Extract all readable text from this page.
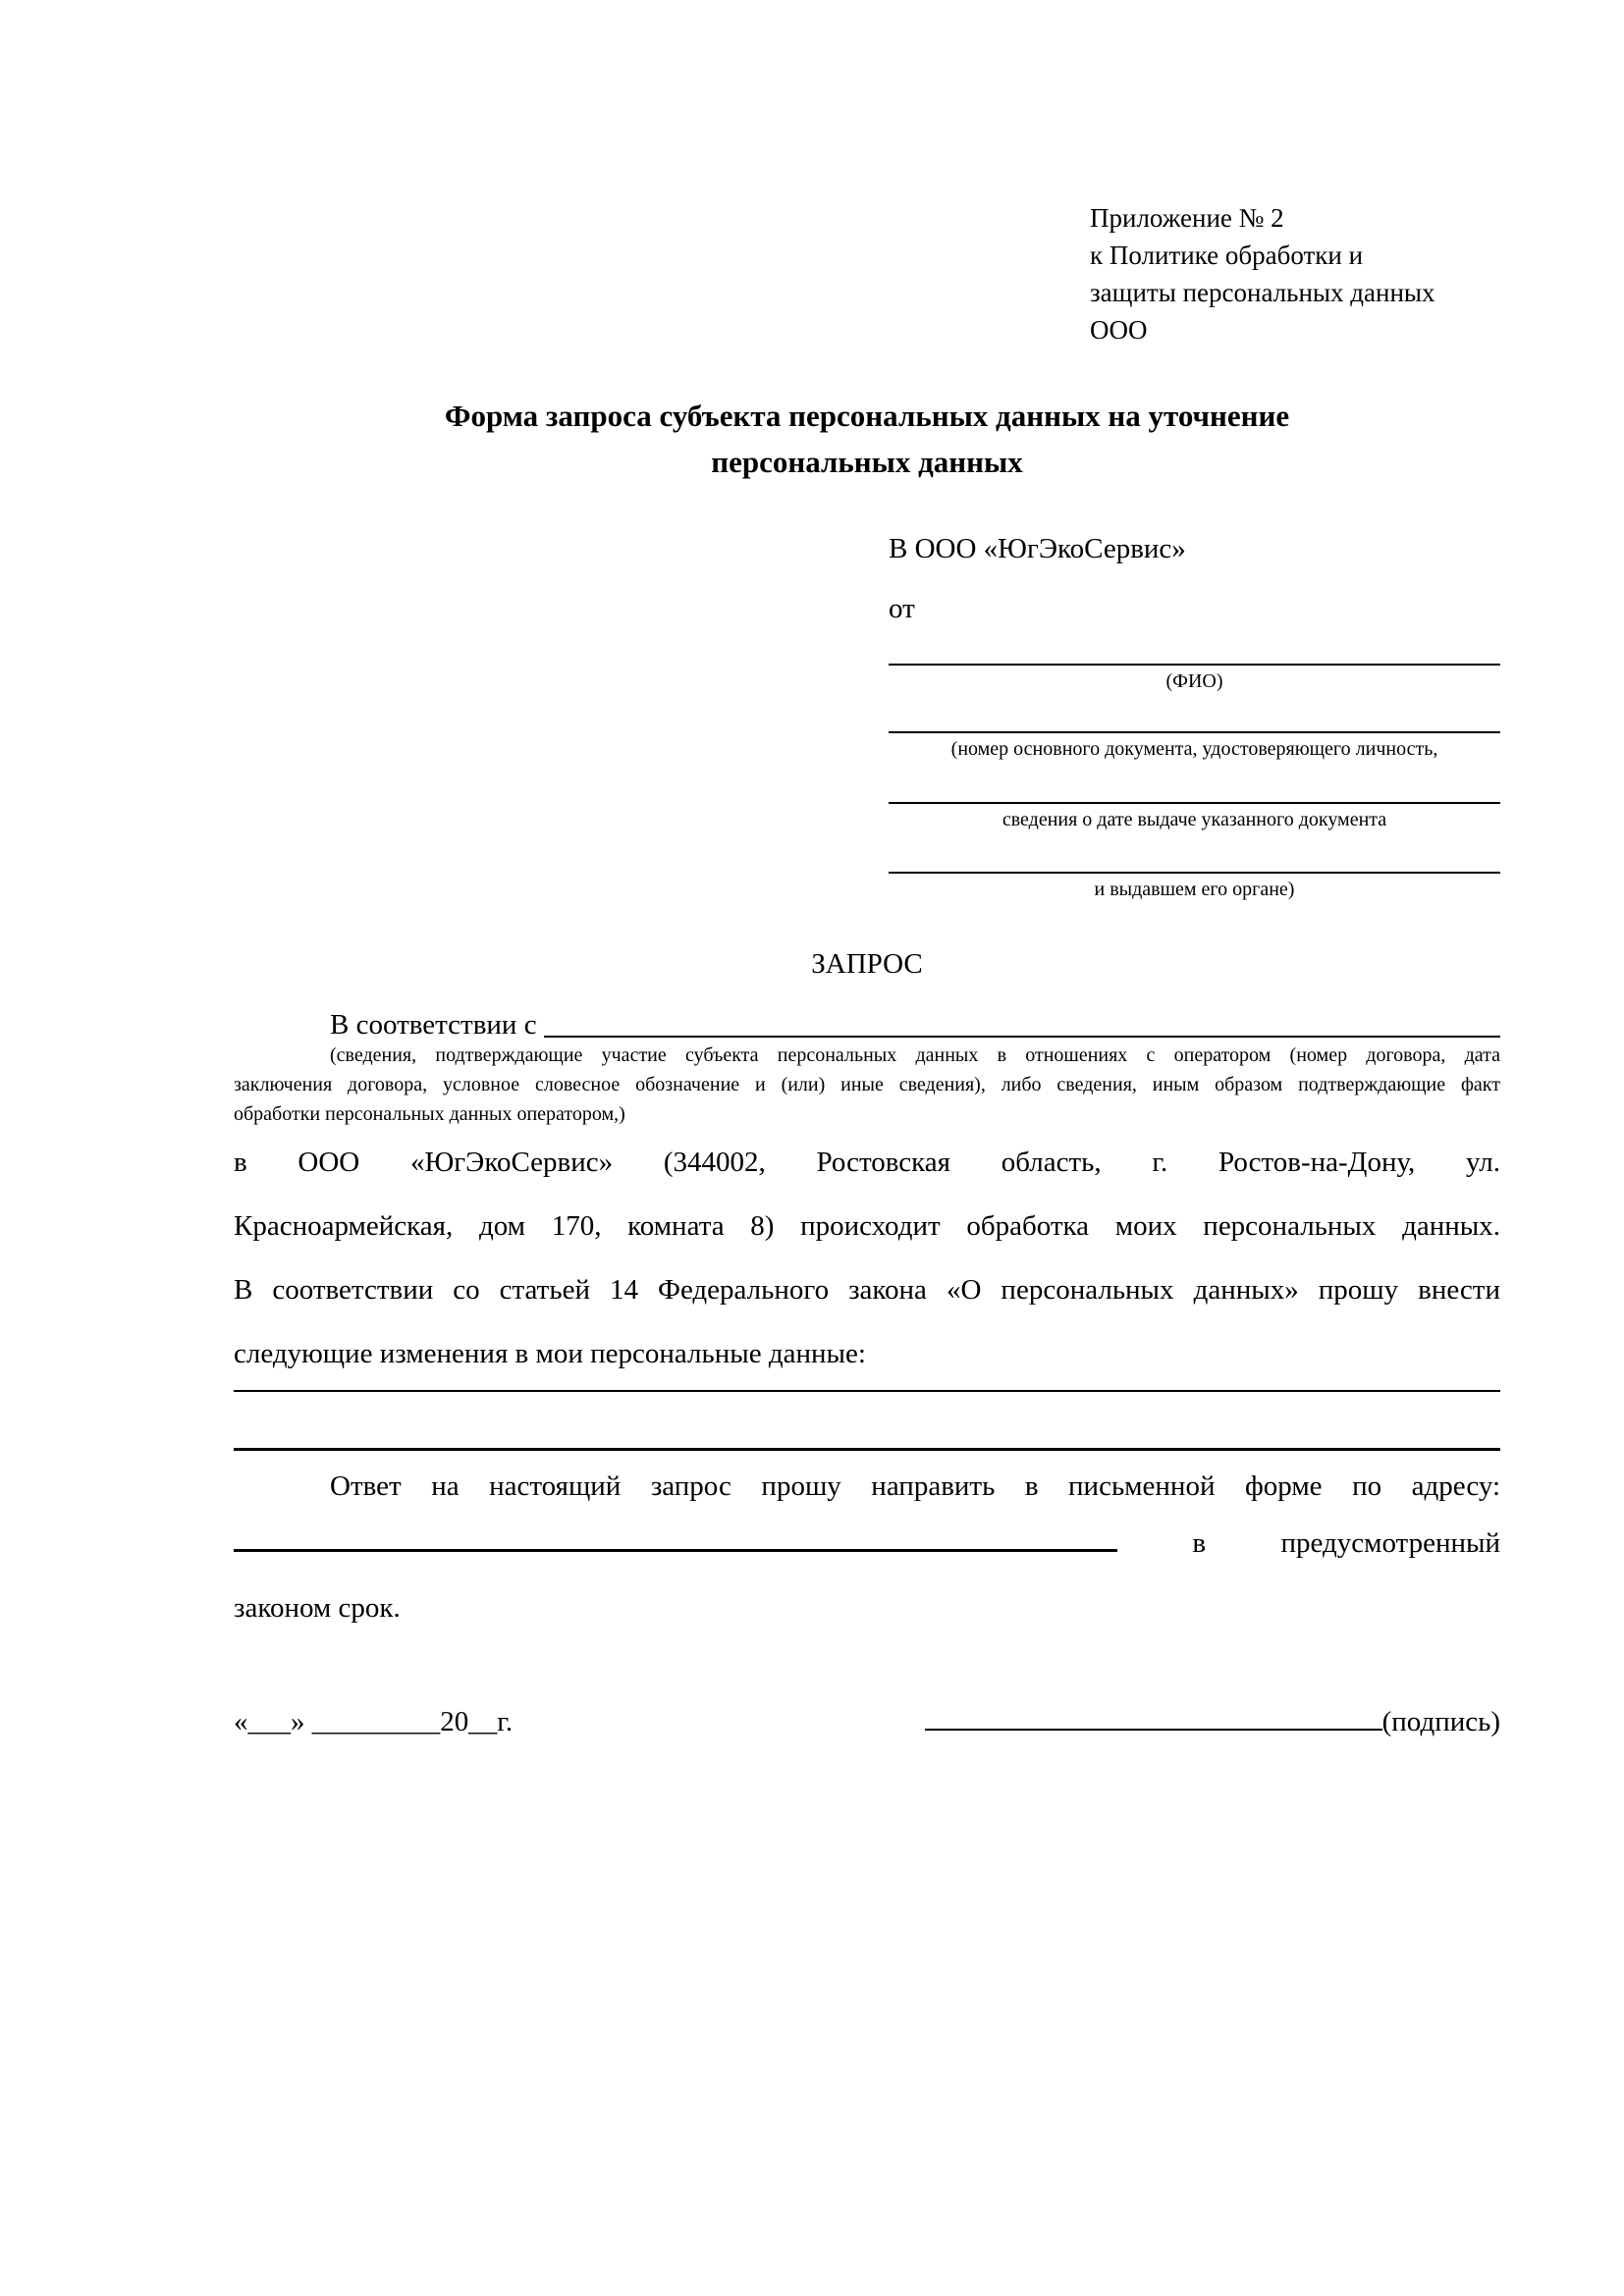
Приложение № 2
к Политике обработки и
защиты персональных данных
ООО
Форма запроса субъекта персональных данных на уточнение
персональных данных
В ООО «ЮгЭкоСервис»
от
(ФИО)
(номер основного документа, удостоверяющего личность,
сведения о дате выдаче указанного документа
и выдавшем его органе)
ЗАПРОС
В соответствии с
(сведения, подтверждающие участие субъекта персональных данных в отношениях с оператором (номер договора, дата
заключения договора, условное словесное обозначение и (или) иные сведения), либо сведения, иным образом подтверждающие факт
обработки персональных данных оператором,)
в ООО «ЮгЭкоСервис» (344002, Ростовская область, г. Ростов-на-Дону, ул.
Красноармейская, дом 170, комната 8) происходит обработка моих персональных данных.
В соответствии со статьей 14 Федерального закона «О персональных данных» прошу внести
следующие изменения в мои персональные данные:
Ответ на настоящий запрос прошу направить в письменной форме по адресу:
в	предусмотренный
законом срок.
«___» _________20__г.	(подпись)
